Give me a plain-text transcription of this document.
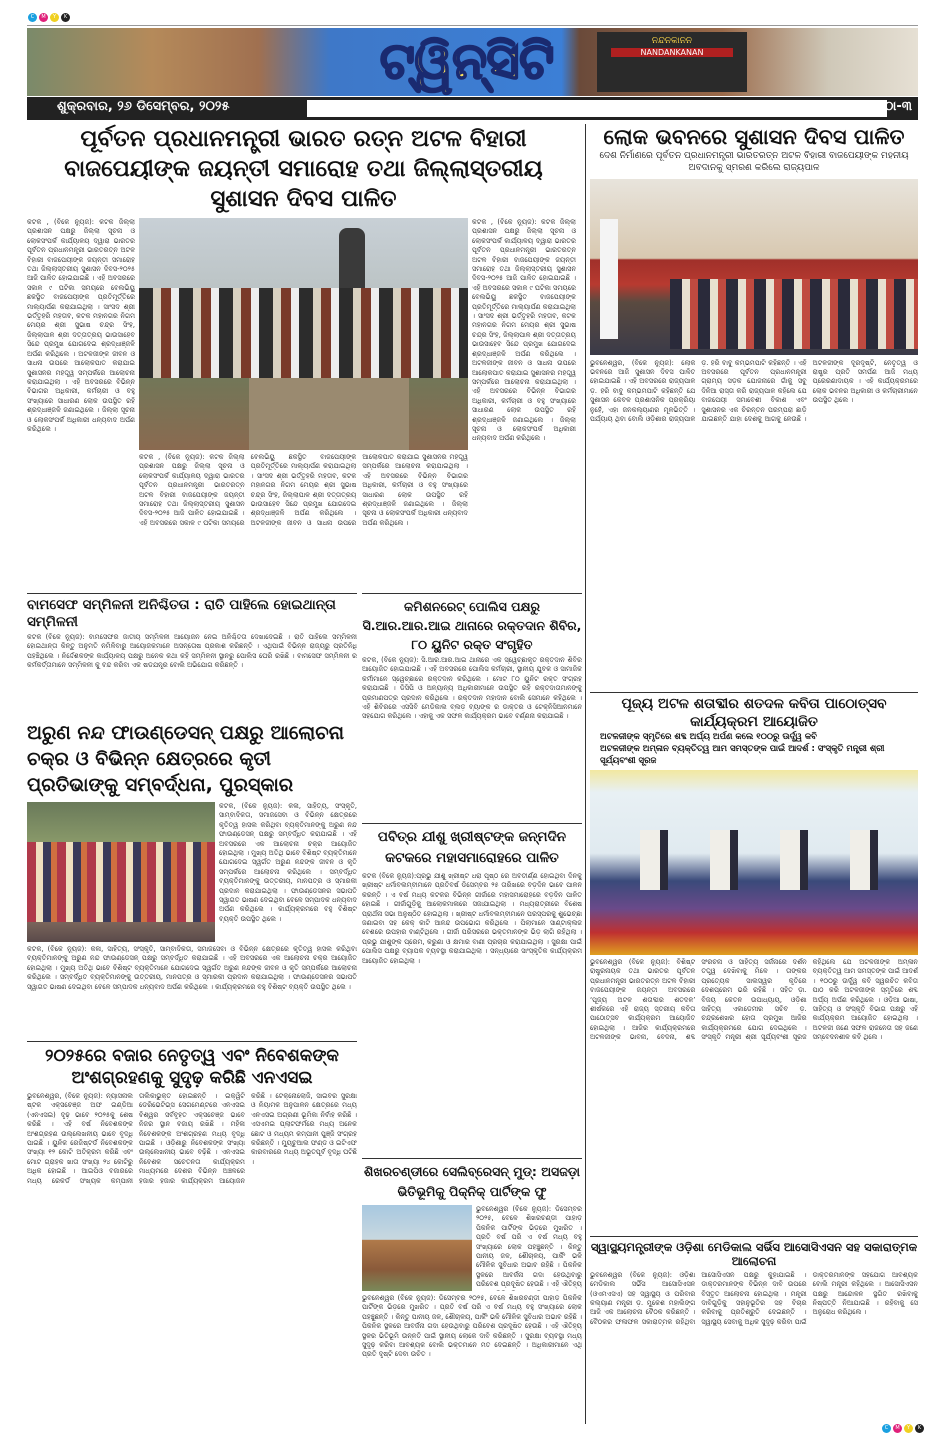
C	M	Y	K
ଟ୍ୱିନ୍‌ସିଟି	ନନ୍ଦନକାନନ
NANDANKANAN
ଶୁକ୍ରବାର, ୨୬ ଡିସେମ୍ବର, ୨୦୨୫	ପୃଷ୍ଠା-୩
ପୂର୍ବତନ ପ୍ରଧାନମନ୍ତ୍ରୀ ଭାରତ ରତ୍ନ ଅଟଳ ବିହାରୀ ବାଜପେୟୀଙ୍କ ଜୟନ୍ତୀ ସମାରୋହ ତଥା ଜିଲ୍ଲାସ୍ତରୀୟ ସୁଶାସନ ଦିବସ ପାଳିତ
କଟକ , (ବିକେ ନ୍ୟୁଜ): କଟକ ଜିଲ୍ଲା ପ୍ରଶାସନ ପକ୍ଷରୁ ଜିଲ୍ଲା ସୂଚନା ଓ ଲୋକସଂପର୍କ କାର୍ଯ୍ୟାଳୟ ଦ୍ୱାରା ଭାରତର ପୂର୍ବତନ ପ୍ରଧାନମନ୍ତ୍ରୀ ଭାରତରତ୍ନ ଅଟଳ ବିହାରୀ ବାଜପେୟୀଙ୍କ ଜୟନ୍ତୀ ସମାରୋହ ତଥା ଜିଲ୍ଲାସ୍ତରୀୟ ସୁଶାସନ ଦିବସ-୨୦୨୫ ଆଜି ପାଳିତ ହୋଇଯାଇଛି । ଏହି ଅବସରରେ ସକାଳ ୯ ଘଟିକା ସମୟରେ ବେଲଭିୟୁ ଛକସ୍ଥିତ ବାଜପେୟୀଙ୍କ ପ୍ରତିମୂର୍ତ୍ତିରେ ମାଲ୍ୟାର୍ପଣ କରାଯାଇଥିଲା । ସାଂସଦ ଶ୍ରୀ ଭର୍ତ୍ତୃହରି ମହତାବ, କଟକ ମହାନଗର ନିଗମ ମେୟର ଶ୍ରୀ ସୁଭାଷ ଚନ୍ଦ୍ର ସିଂହ, ଜିଲ୍ଲାପାଳ ଶ୍ରୀ ଦତ୍ତାତ୍ରୟ ଭାଉସାହେବ ସିନ୍ଦେ ପ୍ରମୁଖ ଯୋଗଦେଇ ଶ୍ରଦ୍ଧାଞ୍ଜଳି ଅର୍ପଣ କରିଥିଲେ । ଅଟଳଜୀଙ୍କ ଜୀବନ ଓ ସାଧନା ଉପରେ ଆଲୋକପାତ କରାଯାଇ ସୁଶାସନର ମହତ୍ତ୍ୱ ସମ୍ପର୍କରେ ଆଲୋଚନା କରାଯାଇଥିଲା । ଏହି ଅବସରରେ ବିଭିନ୍ନ ବିଭାଗର ଅଧିକାରୀ, କର୍ମଚାରୀ ଓ ବହୁ ସଂଖ୍ୟାରେ ସାଧାରଣ ଲୋକ ଉପସ୍ଥିତ ରହି ଶ୍ରଦ୍ଧାଞ୍ଜଳି ଜଣାଇଥିଲେ । ଜିଲ୍ଲା ସୂଚନା ଓ ଲୋକସଂପର୍କ ଅଧିକାରୀ ଧନ୍ୟବାଦ ଅର୍ପଣ କରିଥିଲେ ।
କଟକ , (ବିକେ ନ୍ୟୁଜ): କଟକ ଜିଲ୍ଲା ପ୍ରଶାସନ ପକ୍ଷରୁ ଜିଲ୍ଲା ସୂଚନା ଓ ଲୋକସଂପର୍କ କାର୍ଯ୍ୟାଳୟ ଦ୍ୱାରା ଭାରତର ପୂର୍ବତନ ପ୍ରଧାନମନ୍ତ୍ରୀ ଭାରତରତ୍ନ ଅଟଳ ବିହାରୀ ବାଜପେୟୀଙ୍କ ଜୟନ୍ତୀ ସମାରୋହ ତଥା ଜିଲ୍ଲାସ୍ତରୀୟ ସୁଶାସନ ଦିବସ-୨୦୨୫ ଆଜି ପାଳିତ ହୋଇଯାଇଛି । ଏହି ଅବସରରେ ସକାଳ ୯ ଘଟିକା ସମୟରେ ବେଲଭିୟୁ ଛକସ୍ଥିତ ବାଜପେୟୀଙ୍କ ପ୍ରତିମୂର୍ତ୍ତିରେ ମାଲ୍ୟାର୍ପଣ କରାଯାଇଥିଲା । ସାଂସଦ ଶ୍ରୀ ଭର୍ତ୍ତୃହରି ମହତାବ, କଟକ ମହାନଗର ନିଗମ ମେୟର ଶ୍ରୀ ସୁଭାଷ ଚନ୍ଦ୍ର ସିଂହ, ଜିଲ୍ଲାପାଳ ଶ୍ରୀ ଦତ୍ତାତ୍ରୟ ଭାଉସାହେବ ସିନ୍ଦେ ପ୍ରମୁଖ ଯୋଗଦେଇ ଶ୍ରଦ୍ଧାଞ୍ଜଳି ଅର୍ପଣ କରିଥିଲେ । ଅଟଳଜୀଙ୍କ ଜୀବନ ଓ ସାଧନା ଉପରେ ଆଲୋକପାତ କରାଯାଇ ସୁଶାସନର ମହତ୍ତ୍ୱ ସମ୍ପର୍କରେ ଆଲୋଚନା କରାଯାଇଥିଲା । ଏହି ଅବସରରେ ବିଭିନ୍ନ ବିଭାଗର ଅଧିକାରୀ, କର୍ମଚାରୀ ଓ ବହୁ ସଂଖ୍ୟାରେ ସାଧାରଣ ଲୋକ ଉପସ୍ଥିତ ରହି ଶ୍ରଦ୍ଧାଞ୍ଜଳି ଜଣାଇଥିଲେ । ଜିଲ୍ଲା ସୂଚନା ଓ ଲୋକସଂପର୍କ ଅଧିକାରୀ ଧନ୍ୟବାଦ ଅର୍ପଣ କରିଥିଲେ ।
କଟକ , (ବିକେ ନ୍ୟୁଜ): କଟକ ଜିଲ୍ଲା ପ୍ରଶାସନ ପକ୍ଷରୁ ଜିଲ୍ଲା ସୂଚନା ଓ ଲୋକସଂପର୍କ କାର୍ଯ୍ୟାଳୟ ଦ୍ୱାରା ଭାରତର ପୂର୍ବତନ ପ୍ରଧାନମନ୍ତ୍ରୀ ଭାରତରତ୍ନ ଅଟଳ ବିହାରୀ ବାଜପେୟୀଙ୍କ ଜୟନ୍ତୀ ସମାରୋହ ତଥା ଜିଲ୍ଲାସ୍ତରୀୟ ସୁଶାସନ ଦିବସ-୨୦୨୫ ଆଜି ପାଳିତ ହୋଇଯାଇଛି । ଏହି ଅବସରରେ ସକାଳ ୯ ଘଟିକା ସମୟରେ ବେଲଭିୟୁ ଛକସ୍ଥିତ ବାଜପେୟୀଙ୍କ ପ୍ରତିମୂର୍ତ୍ତିରେ ମାଲ୍ୟାର୍ପଣ କରାଯାଇଥିଲା । ସାଂସଦ ଶ୍ରୀ ଭର୍ତ୍ତୃହରି ମହତାବ, କଟକ ମହାନଗର ନିଗମ ମେୟର ଶ୍ରୀ ସୁଭାଷ ଚନ୍ଦ୍ର ସିଂହ, ଜିଲ୍ଲାପାଳ ଶ୍ରୀ ଦତ୍ତାତ୍ରୟ ଭାଉସାହେବ ସିନ୍ଦେ ପ୍ରମୁଖ ଯୋଗଦେଇ ଶ୍ରଦ୍ଧାଞ୍ଜଳି ଅର୍ପଣ କରିଥିଲେ । ଅଟଳଜୀଙ୍କ ଜୀବନ ଓ ସାଧନା ଉପରେ ଆଲୋକପାତ କରାଯାଇ ସୁଶାସନର ମହତ୍ତ୍ୱ ସମ୍ପର୍କରେ ଆଲୋଚନା କରାଯାଇଥିଲା । ଏହି ଅବସରରେ ବିଭିନ୍ନ ବିଭାଗର ଅଧିକାରୀ, କର୍ମଚାରୀ ଓ ବହୁ ସଂଖ୍ୟାରେ ସାଧାରଣ ଲୋକ ଉପସ୍ଥିତ ରହି ଶ୍ରଦ୍ଧାଞ୍ଜଳି ଜଣାଇଥିଲେ । ଜିଲ୍ଲା ସୂଚନା ଓ ଲୋକସଂପର୍କ ଅଧିକାରୀ ଧନ୍ୟବାଦ ଅର୍ପଣ କରିଥିଲେ ।
ଲୋକ ଭବନରେ ସୁଶାସନ ଦିବସ ପାଳିତ
ଦେଶ ନିର୍ମାଣରେ ପୂର୍ବତନ ପ୍ରଧାନମନ୍ତ୍ରୀ ଭାରତରତ୍ନ ଅଟଳ ବିହାରୀ ବାଜପେୟୀଙ୍କ ମହନୀୟ ଅବଦାନକୁ ସ୍ମରଣ କରିଲେ ରାଜ୍ୟପାଳ
ଭୁବନେଶ୍ୱର, (ବିକେ ନ୍ୟୁଜ): ଲୋକ ଭବନରେ ଆଜି ସୁଶାସନ ଦିବସ ପାଳିତ ହୋଇଯାଇଛି । ଏହି ଅବସରରେ ରାଜ୍ୟପାଳ ଡ଼. ହରି ବାବୁ କମ୍ଭମପାଟି କହିଛନ୍ତି ଯେ ସୁଶାସନ କେବଳ ପ୍ରଶାସନିକ ପ୍ରକ୍ରିୟା ନୁହେଁ, ଏହା ଜନକଲ୍ୟାଣର ମୂଳଭିତ୍ତି । ପର୍ଯ୍ୟାୟ ଥିବା ବୋଲି ଓଡ଼ିଶାର ରାଜ୍ୟପାଳ ଡ଼. ହରି ବାବୁ କମ୍ଭମପାଟି କହିଛନ୍ତି । ଏହି ଅବସରରେ ପୂର୍ବତନ ପ୍ରଧାନମନ୍ତ୍ରୀ ଗ୍ରାମ୍ୟ ସଡ଼କ ଯୋଜନାରେ ଗାଁକୁ ସବୁ ଦିନିଆ ରାସ୍ତା କରି ରାଜ୍ୟପାଳ କହିଲେ ଯେ ବାଜପେୟୀ ସମାବେଶୀ ବିକାଶ ଏବଂ ସୁଶାସନର ଏକ ଚିରନ୍ତନ ପରମ୍ପରା ଛାଡ଼ି ଯାଇଛନ୍ତି ଯାହା ଦେଶକୁ ଆଗକୁ ନେଉଛି । ଅଟଳଜୀଙ୍କ ଦୂରଦୃଷ୍ଟି, ନେତୃତ୍ୱ ଓ ରାଷ୍ଟ୍ର ପ୍ରତି ସମର୍ପଣ ଆଜି ମଧ୍ୟ ପ୍ରେରଣାଦାୟକ । ଏହି କାର୍ଯ୍ୟକ୍ରମରେ ଲୋକ ଭବନର ଅଧିକାରୀ ଓ କର୍ମଚାରୀମାନେ ଉପସ୍ଥିତ ଥିଲେ ।
ବାମସେଫ ସମ୍ମିଳନୀ ଅନିଶ୍ଚିତତା : ରାତି ପାହିଲେ ହୋଇଥାନ୍ତା ସମ୍ମିଳନୀ
କଟକ (ବିକେ ନ୍ୟୁଜ): ବାମସେଫର ଜାତୀୟ ସମ୍ମିଳନୀ ଆୟୋଜନ ନେଇ ଅନିଶ୍ଚିତତା ଦେଖାଦେଇଛି । ରାତି ପାହିଲେ ସମ୍ମିଳନୀ ହୋଇଥାନ୍ତା କିନ୍ତୁ ଅନୁମତି ନମିଳିବାରୁ ଆୟୋଜକମାନେ ଅସନ୍ତୋଷ ପ୍ରକାଶ କରିଛନ୍ତି । ଏଥିପାଇଁ ବିଭିନ୍ନ ରାଜ୍ୟରୁ ପ୍ରତିନିଧି ପହଞ୍ଚିଥିଲେ । ନିର୍ଦ୍ଦେଶକଙ୍କ କାର୍ଯ୍ୟାଳୟ ପକ୍ଷରୁ ଅନେକ କଥା କହି ସମ୍ମିଳନୀ ସ୍ଥାନରୁ ପୋଲିସ ଘେରି ରଖିଛି । ବାମସେଫ ସମ୍ମିଳନୀ ର କର୍ମକର୍ତ୍ତାମାନେ ସମ୍ମିଳନୀ କୁ ବନ୍ଦ କରିବା ଏକ ଷଡଯନ୍ତ୍ର ବୋଲି ଅଭିଯୋଗ କରିଛନ୍ତି ।
କମିଶନରେଟ୍ ପୋଲିସ ପକ୍ଷରୁ ସି.ଆର.ଆର.ଆଇ ଥାନାରେ ରକ୍ତଦାନ ଶିବିର, ୮୦ ୟୁନିଟ ରକ୍ତ ସଂଗୃହିତ
କଟକ, (ବିକେ ନ୍ୟୁଜ): ସି.ଆର.ଆର.ଆଇ ଥାନାରେ ଏକ ସ୍ୱେଚ୍ଛାକୃତ ରକ୍ତଦାନ ଶିବିର ଆୟୋଜିତ ହୋଇଯାଇଛି । ଏହି ଅବସରରେ ପୋଲିସ କର୍ମଚାରୀ, ସ୍ଥାନୀୟ ଯୁବକ ଓ ସାମାଜିକ କର୍ମୀମାନେ ସ୍ୱେଚ୍ଛାରେ ରକ୍ତଦାନ କରିଥିଲେ । ମୋଟ ୮୦ ୟୁନିଟ ରକ୍ତ ସଂଗ୍ରହ କରାଯାଇଛି । ଡିସିପି ଓ ଅନ୍ୟାନ୍ୟ ଅଧିକାରୀମାନେ ଉପସ୍ଥିତ ରହି ରକ୍ତଦାତାମାନଙ୍କୁ ପ୍ରମାଣପତ୍ର ପ୍ରଦାନ କରିଥିଲେ । ରକ୍ତଦାନ ମହାଦାନ ବୋଲି ସେମାନେ କହିଥିଲେ । ଏହି ଶିବିରରେ ଏସସିବି ମେଡିକାଲ ବ୍ଲଡ଼ ବ୍ୟାଙ୍କ ର ଡାକ୍ତର ଓ ଟେକ୍ନିସିଆନମାନେ ସହଯୋଗ କରିଥିଲେ । ଏହାକୁ ଏକ ସଫଳ କାର୍ଯ୍ୟକ୍ରମ ଭାବେ ବର୍ଣ୍ଣନା କରାଯାଇଛି ।
ଅରୁଣ ନନ୍ଦ ଫାଉଣ୍ଡେସନ୍ ପକ୍ଷରୁ ଆଲୋଚନା ଚକ୍ର ଓ ବିଭିନ୍ନ କ୍ଷେତ୍ରରେ କୃତୀ ପ୍ରତିଭାଙ୍କୁ ସମ୍ବର୍ଦ୍ଧନା, ପୁରସ୍କାର
କଟକ, (ବିକେ ନ୍ୟୁଜ): କଳା, ସାହିତ୍ୟ, ସଂସ୍କୃତି, ସାମ୍ବାଦିକତା, ସମାଜସେବା ଓ ବିଭିନ୍ନ କ୍ଷେତ୍ରରେ କୃତିତ୍ୱ ହାସଲ କରିଥିବା ବ୍ୟକ୍ତିମାନଙ୍କୁ ଅରୁଣ ନନ୍ଦ ଫାଉଣ୍ଡେସନ୍ ପକ୍ଷରୁ ସମ୍ବର୍ଦ୍ଧିତ କରାଯାଇଛି । ଏହି ଅବସରରେ ଏକ ଆଲୋଚନା ଚକ୍ର ଆୟୋଜିତ ହୋଇଥିଲା । ମୁଖ୍ୟ ଅତିଥି ଭାବେ ବିଶିଷ୍ଟ ବ୍ୟକ୍ତିମାନେ ଯୋଗଦେଇ ସ୍ୱର୍ଗତ ଅରୁଣ ନନ୍ଦଙ୍କ ଜୀବନ ଓ କୃତି ସମ୍ପର୍କରେ ଆଲୋଚନା କରିଥିଲେ । ସମ୍ବର୍ଦ୍ଧିତ ବ୍ୟକ୍ତିମାନଙ୍କୁ ଉତ୍ତରୀୟ, ମାନପତ୍ର ଓ ସ୍ମାରକୀ ପ୍ରଦାନ କରାଯାଇଥିଲା । ଫାଉଣ୍ଡେସନର ସଭାପତି ସ୍ୱାଗତ ଭାଷଣ ଦେଇଥିବା ବେଳେ ସମ୍ପାଦକ ଧନ୍ୟବାଦ ଅର୍ପଣ କରିଥିଲେ । କାର୍ଯ୍ୟକ୍ରମରେ ବହୁ ବିଶିଷ୍ଟ ବ୍ୟକ୍ତି ଉପସ୍ଥିତ ଥିଲେ ।
କଟକ, (ବିକେ ନ୍ୟୁଜ): କଳା, ସାହିତ୍ୟ, ସଂସ୍କୃତି, ସାମ୍ବାଦିକତା, ସମାଜସେବା ଓ ବିଭିନ୍ନ କ୍ଷେତ୍ରରେ କୃତିତ୍ୱ ହାସଲ କରିଥିବା ବ୍ୟକ୍ତିମାନଙ୍କୁ ଅରୁଣ ନନ୍ଦ ଫାଉଣ୍ଡେସନ୍ ପକ୍ଷରୁ ସମ୍ବର୍ଦ୍ଧିତ କରାଯାଇଛି । ଏହି ଅବସରରେ ଏକ ଆଲୋଚନା ଚକ୍ର ଆୟୋଜିତ ହୋଇଥିଲା । ମୁଖ୍ୟ ଅତିଥି ଭାବେ ବିଶିଷ୍ଟ ବ୍ୟକ୍ତିମାନେ ଯୋଗଦେଇ ସ୍ୱର୍ଗତ ଅରୁଣ ନନ୍ଦଙ୍କ ଜୀବନ ଓ କୃତି ସମ୍ପର୍କରେ ଆଲୋଚନା କରିଥିଲେ । ସମ୍ବର୍ଦ୍ଧିତ ବ୍ୟକ୍ତିମାନଙ୍କୁ ଉତ୍ତରୀୟ, ମାନପତ୍ର ଓ ସ୍ମାରକୀ ପ୍ରଦାନ କରାଯାଇଥିଲା । ଫାଉଣ୍ଡେସନର ସଭାପତି ସ୍ୱାଗତ ଭାଷଣ ଦେଇଥିବା ବେଳେ ସମ୍ପାଦକ ଧନ୍ୟବାଦ ଅର୍ପଣ କରିଥିଲେ । କାର୍ଯ୍ୟକ୍ରମରେ ବହୁ ବିଶିଷ୍ଟ ବ୍ୟକ୍ତି ଉପସ୍ଥିତ ଥିଲେ ।
ପବିତ୍ର ଯୀଶୁ ଖ୍ରୀଷ୍ଟଙ୍କ ଜନ୍ମଦିନ କଟକରେ ମହାସମାରୋହରେ ପାଳିତ
କଟକ (ବିକେ ନ୍ୟୁଜ):ପ୍ରଭୁ ଯୀଶୁ ଖ୍ରୀଷ୍ଟ ଧରା ପୃଷ୍ଠ ରେ ଅବତୀର୍ଣ୍ଣ ହୋଇଥିବା ଦିନକୁ ଖ୍ରୀଷ୍ଟ ଧର୍ମାବଲମ୍ବୀମାନେ ପ୍ରତିବର୍ଷ ଡିସେମ୍ବର ୨୫ ତାରିଖରେ ବଡ଼ଦିନ ଭାବେ ପାଳନ କରନ୍ତି । ଏ ବର୍ଷ ମଧ୍ୟ କଟକର ବିଭିନ୍ନ ଗୀର୍ଜାରେ ମହାସମାରୋହରେ ବଡ଼ଦିନ ପାଳିତ ହୋଇଛି । ଗୀର୍ଜାଗୁଡ଼ିକୁ ଆଲୋକମାଳାରେ ସଜାଯାଇଥିଲା । ମଧ୍ୟରାତ୍ରୀରେ ବିଶେଷ ପ୍ରାର୍ଥନା ସଭା ଅନୁଷ୍ଠିତ ହୋଇଥିଲା । ଖ୍ରୀଷ୍ଟ ଧର୍ମାବଲମ୍ବୀମାନେ ପରସ୍ପରକୁ ଶୁଭେଚ୍ଛା ଜଣାଇବା ସହ କେକ୍ କାଟି ଆନନ୍ଦ ଉପଭୋଗ କରିଥିଲେ । ପିଲାମାନେ ସାଣ୍ଟାକ୍ଲଜ ବେଶରେ ଉପହାର ବାଣ୍ଟିଥିଲେ । ଗୀର୍ଜା ପରିସରରେ ଭକ୍ତମାନଙ୍କ ଭିଡ଼ ଲାଗି ରହିଥିଲା । ପ୍ରଭୁ ଯୀଶୁଙ୍କ ପ୍ରେମ, କରୁଣା ଓ କ୍ଷମାର ବାଣୀ ପ୍ରଚାର କରାଯାଇଥିଲା । ସୁରକ୍ଷା ପାଇଁ ପୋଲିସ ପକ୍ଷରୁ ବ୍ୟାପକ ବ୍ୟବସ୍ଥା କରାଯାଇଥିଲା । ସନ୍ଧ୍ୟାରେ ସାଂସ୍କୃତିକ କାର୍ଯ୍ୟକ୍ରମ ଆୟୋଜିତ ହୋଇଥିଲା ।
ପୂଜ୍ୟ ଅଟଳ ଶତାବ୍ଦୀର ଶତଦଳ କବିତା ପାଠୋତ୍ସବ କାର୍ଯ୍ୟକ୍ରମ ଆୟୋଜିତ
ଅଟଳଜୀଙ୍କ ସ୍ମୃତିରେ ଶବ୍ଦ ଅର୍ଘ୍ୟ ଅର୍ପଣ କଲେ ୧୦୦ରୁ ଊର୍ଦ୍ଧ୍ୱ କବି
ଅଟଳଜୀଙ୍କ ଅମ୍ଳାନ ବ୍ୟକ୍ତିତ୍ୱ ଆମ ସମସ୍ତଙ୍କ ପାଇଁ ଆଦର୍ଶ : ସଂସ୍କୃତି ମନ୍ତ୍ରୀ ଶ୍ରୀ ସୂର୍ଯ୍ୟବଂଶୀ ସୂରଜ
ଭୁବନେଶ୍ୱର (ବିକେ ନ୍ୟୁଜ): ବିଶିଷ୍ଟ ରାଷ୍ଟ୍ରନାୟକ ତଥା ଭାରତର ପୂର୍ବତନ ପ୍ରଧାନମନ୍ତ୍ରୀ ଭାରତରତ୍ନ ଅଟଳ ବିହାରୀ ବାଜପେୟୀଙ୍କ ଜୟନ୍ତୀ ଅବସରରେ ‘ପୂଜ୍ୟ ଅଟଳ ଶତାବ୍ଦୀର ଶତଦଳ’ ଶୀର୍ଷକରେ ଏହି ରାଜ୍ୟ ସ୍ତରୀୟ କବିତା ପାଠୋତ୍ସବ କାର୍ଯ୍ୟକ୍ରମ ଆୟୋଜିତ ହୋଇଥିଲା । ଆଜିର କାର୍ଯ୍ୟକ୍ରମରେ ଅଟଳଜୀଙ୍କ ଭାବନା, ବେଦନା, ଶବ୍ଦ ସଂରଚନା ଓ ସାହିତ୍ୟ ସର୍ଜନାରେ ଦର୍ଶନ ତତ୍ତ୍ୱ ଦେଖିବାକୁ ମିଳେ । ତାଙ୍କର ପ୍ରତ୍ୟେକ ସାଲସ୍ୱର କୃତିରେ ଦେଶପ୍ରେମ ଭରି ରହିଛି । ସହିତ ଡ଼ା. ବିଜୟ କେତନ ଉପାଧ୍ୟାୟ, ଓଡ଼ିଶା ସାହିତ୍ୟ ଏକାଡେମୀର ସଚିବ ଡ଼. ଚନ୍ଦ୍ରଶେଖର ହୋତା ପ୍ରମୁଖ ଆଜିର କାର୍ଯ୍ୟକ୍ରମରେ ଯୋଗ ଦେଇଥିଲେ । ସଂସ୍କୃତି ମନ୍ତ୍ରୀ ଶ୍ରୀ ସୂର୍ଯ୍ୟବଂଶୀ ସୂରଜ କହିଥିଲେ ଯେ ଅଟଳଜୀଙ୍କ ଅମ୍ଳାନ ବ୍ୟକ୍ତିତ୍ୱ ଆମ ସମସ୍ତଙ୍କ ପାଇଁ ଆଦର୍ଶ । ୧୦୦ରୁ ଊର୍ଦ୍ଧ୍ୱ କବି ସ୍ୱରଚିତ କବିତା ପାଠ କରି ଅଟଳଜୀଙ୍କ ସ୍ମୃତିରେ ଶବ୍ଦ ଅର୍ଘ୍ୟ ଅର୍ପଣ କରିଥିଲେ । ଓଡ଼ିଆ ଭାଷା, ସାହିତ୍ୟ ଓ ସଂସ୍କୃତି ବିଭାଗ ପକ୍ଷରୁ ଏହି କାର୍ଯ୍ୟକ୍ରମ ଆୟୋଜିତ ହୋଇଥିଲା । ଅଟଳଜୀ ଜଣେ ସଫଳ ରାଜନେତା ସହ ଜଣେ ସମ୍ବେଦନଶୀଳ କବି ଥିଲେ ।
୨୦୨୫ରେ ବଜାର ନେତୃତ୍ୱ ଏବଂ ନିବେଶକଙ୍କ ଅଂଶଗ୍ରହଣକୁ ସୁଦୃଢ଼ କରିଛି ଏନଏସଇ
ଭୁବନେଶ୍ୱର, (ବିକେ ନ୍ୟୁଜ): ନ୍ୟାସନାଲ ଷ୍ଟକ ଏକ୍ସଚେଞ୍ଜ ଅଫ ଇଣ୍ଡିଆ (ଏନଏସଇ) ଦୃଢ଼ ଭାବେ ୨୦୨୫କୁ ଶେଷ କରିଛି । ଏହି ବର୍ଷ ନିବେଶକଙ୍କ ଅଂଶଗ୍ରହଣ ଉଲ୍ଲେଖନୀୟ ଭାବେ ବୃଦ୍ଧି ପାଇଛି । ୟୁନିକ ରେଜିଷ୍ଟର୍ଡ ନିବେଶକଙ୍କ ସଂଖ୍ୟା ୧୨ କୋଟି ଅତିକ୍ରମ କରିଛି ଏବଂ ମୋଟ ଗ୍ରାହକ ଖାତା ସଂଖ୍ୟା ୨୪ କୋଟିରୁ ଅଧିକ ହୋଇଛି । ଆଇପିଓ ବଜାରରେ ମଧ୍ୟ ରେକର୍ଡ ସଂଖ୍ୟକ କମ୍ପାନୀ ତାଲିକାଭୁକ୍ତ ହୋଇଛନ୍ତି । ଇକ୍ୱିଟି ଡେରିଭେଟିଭ୍ସ ସେଗମେଣ୍ଟରେ ଏନଏସଇ ବିଶ୍ୱର ସର୍ବବୃହତ ଏକ୍ସଚେଞ୍ଜ ଭାବେ ନିଜର ସ୍ଥାନ ବଜାୟ ରଖିଛି । ମହିଳା ନିବେଶକଙ୍କ ଅଂଶଗ୍ରହଣ ମଧ୍ୟ ବୃଦ୍ଧି ପାଇଛି । ଓଡ଼ିଶାରୁ ନିବେଶକଙ୍କ ସଂଖ୍ୟା ଉଲ୍ଲେଖନୀୟ ଭାବେ ବଢ଼ିଛି । ଏନଏସଇ ନିବେଶକ ସଚେତନତା କାର୍ଯ୍ୟକ୍ରମ ମାଧ୍ୟମରେ ଦେଶର ବିଭିନ୍ନ ଅଞ୍ଚଳରେ ହଜାର ହଜାର କାର୍ଯ୍ୟକ୍ରମ ଆୟୋଜନ କରିଛି । ଟେକ୍ନୋଲୋଜି, ସାଇବର ସୁରକ୍ଷା ଓ ନିୟାମକ ଅନୁପାଳନ କ୍ଷେତ୍ରରେ ମଧ୍ୟ ଏନଏସଇ ଅଗ୍ରଣୀ ଭୂମିକା ନିର୍ବାହ କରିଛି । ଏସଏମଇ ପ୍ଲାଟଫର୍ମରେ ମଧ୍ୟ ଅନେକ ଛୋଟ ଓ ମଧ୍ୟମ କମ୍ପାନୀ ପୁଞ୍ଜି ସଂଗ୍ରହ କରିଛନ୍ତି । ମ୍ୟୁଚୁଆଲ ଫଣ୍ଡ ଓ ଇଟିଏଫ କାରବାରରେ ମଧ୍ୟ ଅଭୂତପୂର୍ବ ବୃଦ୍ଧି ଘଟିଛି ।
ଶିଖରଚଣ୍ଡୀରେ ସେଲିବ୍ରେସନ୍ ମୁଡ୍: ଅସଜଡ଼ା ଭିତିଭୂମିକୁ ପିକ୍‌ନିକ୍ ପାର୍ଟିଙ୍କ ଫୁ
ଭୁବନେଶ୍ୱର (ବିକେ ନ୍ୟୁଜ): ଡିସେମ୍ବର ୨୦୨୫, ବେଳେ ଶିଖରଚଣ୍ଡୀ ପାହାଡ଼ ପିକନିକ ପାର୍ଟିଙ୍କ ଭିଡ଼ରେ ମୁଖରିତ । ପ୍ରତି ବର୍ଷ ପରି ଏ ବର୍ଷ ମଧ୍ୟ ବହୁ ସଂଖ୍ୟାରେ ଲୋକ ପହଞ୍ଚୁଛନ୍ତି । କିନ୍ତୁ ପାନୀୟ ଜଳ, ଶୌଚାଳୟ, ପାର୍କିଂ ଭଳି ମୌଳିକ ସୁବିଧାର ଅଭାବ ରହିଛି । ପିକନିକ ସ୍ଥଳରେ ଆବର୍ଜନା ଗଦା ହେଉଥିବାରୁ ପରିବେଶ ପ୍ରଦୂଷିତ ହେଉଛି । ଏହି ଐତିହ୍ୟ
ଭୁବନେଶ୍ୱର (ବିକେ ନ୍ୟୁଜ): ଡିସେମ୍ବର ୨୦୨୫, ବେଳେ ଶିଖରଚଣ୍ଡୀ ପାହାଡ଼ ପିକନିକ ପାର୍ଟିଙ୍କ ଭିଡ଼ରେ ମୁଖରିତ । ପ୍ରତି ବର୍ଷ ପରି ଏ ବର୍ଷ ମଧ୍ୟ ବହୁ ସଂଖ୍ୟାରେ ଲୋକ ପହଞ୍ଚୁଛନ୍ତି । କିନ୍ତୁ ପାନୀୟ ଜଳ, ଶୌଚାଳୟ, ପାର୍କିଂ ଭଳି ମୌଳିକ ସୁବିଧାର ଅଭାବ ରହିଛି । ପିକନିକ ସ୍ଥଳରେ ଆବର୍ଜନା ଗଦା ହେଉଥିବାରୁ ପରିବେଶ ପ୍ରଦୂଷିତ ହେଉଛି । ଏହି ଐତିହ୍ୟ ସ୍ଥଳର ଭିତିଭୂମି ଉନ୍ନତି ପାଇଁ ସ୍ଥାନୀୟ ଲୋକେ ଦାବି କରିଛନ୍ତି । ସୁରକ୍ଷା ବ୍ୟବସ୍ଥା ମଧ୍ୟ ସୁଦୃଢ଼ କରିବା ଆବଶ୍ୟକ ବୋଲି ଭକ୍ତମାନେ ମତ ଦେଇଛନ୍ତି । ଅଧିକାରୀମାନେ ଏଥି ପ୍ରତି ଦୃଷ୍ଟି ଦେବା ଉଚିତ ।
ସ୍ୱାସ୍ଥ୍ୟମନ୍ତ୍ରୀଙ୍କ ଓଡ଼ିଶା ମେଡିକାଲ ସର୍ଭିସ ଆସୋସିଏସନ ସହ ସକାରାତ୍ମକ ଆଲୋଚନା
ଭୁବନେଶ୍ୱର (ବିକେ ନ୍ୟୁଜ): ଓଡ଼ିଶା ମେଡିକାଲ ସର୍ଭିସ ଆସୋସିଏସନ (ଓଏମଏସଏ) ସହ ସ୍ୱାସ୍ଥ୍ୟ ଓ ପରିବାର କଲ୍ୟାଣ ମନ୍ତ୍ରୀ ଡ଼. ମୁକେଶ ମହାଲିଙ୍ଗ ଆଜି ଏକ ଆଲୋଚନା ବୈଠକ କରିଛନ୍ତି । ବୈଠକର ଫଳାଫଳ ସକାରାତ୍ମକ ରହିଥିବା ଆସୋସିଏସନ ପକ୍ଷରୁ କୁହାଯାଇଛି । ଡାକ୍ତରମାନଙ୍କ ବିଭିନ୍ନ ଦାବି ଉପରେ ବିସ୍ତୃତ ଆଲୋଚନା ହୋଇଥିଲା । ମନ୍ତ୍ରୀ ଦାବିଗୁଡ଼ିକୁ ସହାନୁଭୂତିର ସହ ବିଚାର କରିବାକୁ ପ୍ରତିଶ୍ରୁତି ଦେଇଛନ୍ତି । ସ୍ୱାସ୍ଥ୍ୟ ସେବାକୁ ଅଧିକ ସୁଦୃଢ଼ କରିବା ପାଇଁ ଡାକ୍ତରମାନଙ୍କ ସହଯୋଗ ଆବଶ୍ୟକ ବୋଲି ମନ୍ତ୍ରୀ କହିଥିଲେ । ଆସୋସିଏସନ ପକ୍ଷରୁ ଆନ୍ଦୋଳନ ସ୍ଥଗିତ ରଖିବାକୁ ନିଷ୍ପତ୍ତି ନିଆଯାଇଛି । ରହିବାକୁ ସେ ଅନୁରୋଧ କରିଥିଲେ ।
C	M	Y	K
